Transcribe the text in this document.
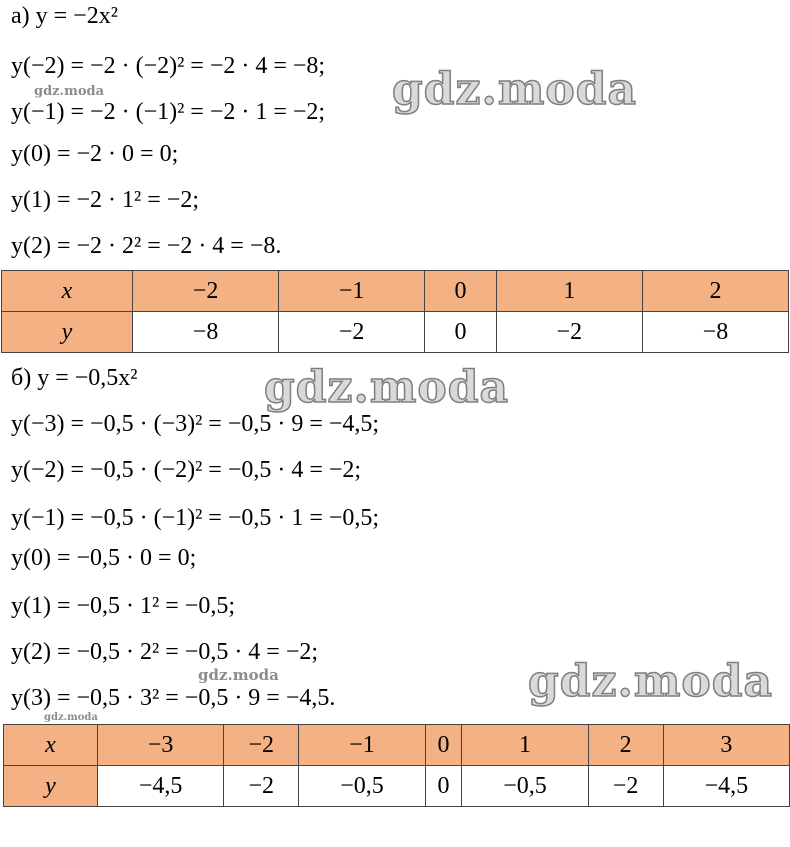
а) y = −2x²
y(−2) = −2 · (−2)² = −2 · 4 = −8;
y(−1) = −2 · (−1)² = −2 · 1 = −2;
y(0) = −2 · 0 = 0;
y(1) = −2 · 1² = −2;
y(2) = −2 · 2² = −2 · 4 = −8.
x	−2	−1	0	1	2
y	−8	−2	0	−2	−8
б) y = −0,5x²
y(−3) = −0,5 · (−3)² = −0,5 · 9 = −4,5;
y(−2) = −0,5 · (−2)² = −0,5 · 4 = −2;
y(−1) = −0,5 · (−1)² = −0,5 · 1 = −0,5;
y(0) = −0,5 · 0 = 0;
y(1) = −0,5 · 1² = −0,5;
y(2) = −0,5 · 2² = −0,5 · 4 = −2;
y(3) = −0,5 · 3² = −0,5 · 9 = −4,5.
x	−3	−2	−1	0	1	2	3
y	−4,5	−2	−0,5	0	−0,5	−2	−4,5
gdz.moda
gdz.moda
gdz.moda
gdz.moda
gdz.moda
gdz.moda
